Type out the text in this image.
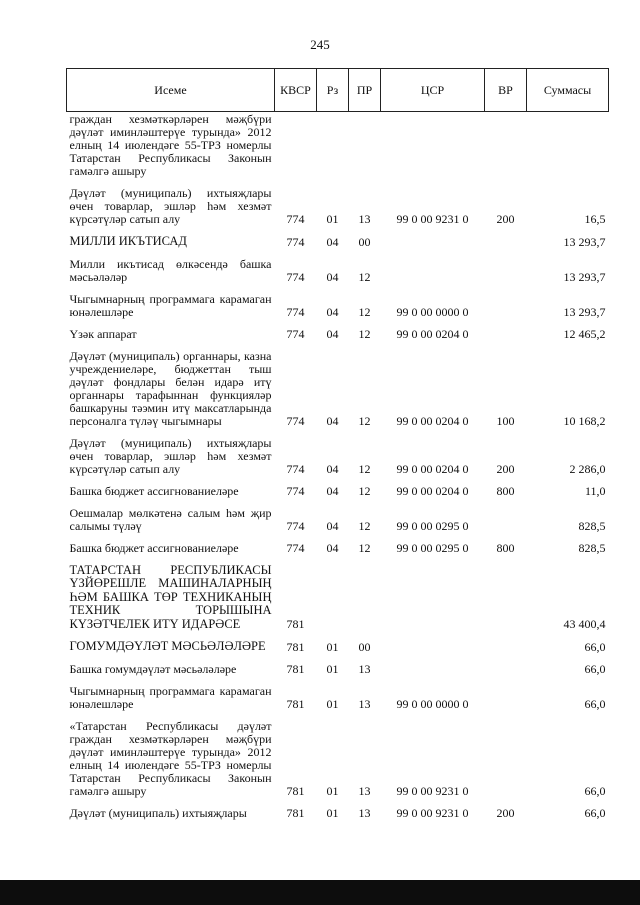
245
Исеме	КВСР	Рз	ПР	ЦСР	ВР	Суммасы
граждан хезмәткәрләрен мәҗбүри дәүләт иминләштерүе турында» 2012 елның 14 июлендәге 55-ТРЗ номерлы Татарстан Республикасы Законын гамәлгә ашыру						
Дәүләт (муниципаль) ихтыяҗлары өчен товарлар, эшләр һәм хезмәт күрсәтүләр сатып алу	774	01	13	99 0 00 9231 0	200	16,5
МИЛЛИ ИКЪТИСАД	774	04	00			13 293,7
Милли икътисад өлкәсендә башка мәсьәләләр	774	04	12			13 293,7
Чыгымнарның программага карамаган юнәлешләре	774	04	12	99 0 00 0000 0		13 293,7
Үзәк аппарат	774	04	12	99 0 00 0204 0		12 465,2
Дәүләт (муниципаль) органнары, казна учреждениеләре, бюджеттан тыш дәүләт фондлары белән идарә итү органнары тарафыннан функцияләр башкаруны тәэмин итү максатларында персоналга түләү чыгымнары	774	04	12	99 0 00 0204 0	100	10 168,2
Дәүләт (муниципаль) ихтыяҗлары өчен товарлар, эшләр һәм хезмәт күрсәтүләр сатып алу	774	04	12	99 0 00 0204 0	200	2 286,0
Башка бюджет ассигнованиеләре	774	04	12	99 0 00 0204 0	800	11,0
Оешмалар мөлкәтенә салым һәм җир салымы түләү	774	04	12	99 0 00 0295 0		828,5
Башка бюджет ассигнованиеләре	774	04	12	99 0 00 0295 0	800	828,5
ТАТАРСТАН РЕСПУБЛИКАСЫ ҮЗЙӨРЕШЛЕ МАШИНАЛАРНЫҢ ҺӘМ БАШКА ТӨР ТЕХНИКАНЫҢ ТЕХНИК ТОРЫШЫНА КҮЗӘТЧЕЛЕК ИТҮ ИДАРӘСЕ	781					43 400,4
ГОМУМДӘҮЛӘТ МӘСЬӘЛӘЛӘРЕ	781	01	00			66,0
Башка гомумдәүләт мәсьәләләре	781	01	13			66,0
Чыгымнарның программага карамаган юнәлешләре	781	01	13	99 0 00 0000 0		66,0
«Татарстан Республикасы дәүләт граждан хезмәткәрләрен мәҗбүри дәүләт иминләштерүе турында» 2012 елның 14 июлендәге 55-ТРЗ номерлы Татарстан Республикасы Законын гамәлгә ашыру	781	01	13	99 0 00 9231 0		66,0
Дәүләт (муниципаль) ихтыяҗлары	781	01	13	99 0 00 9231 0	200	66,0
